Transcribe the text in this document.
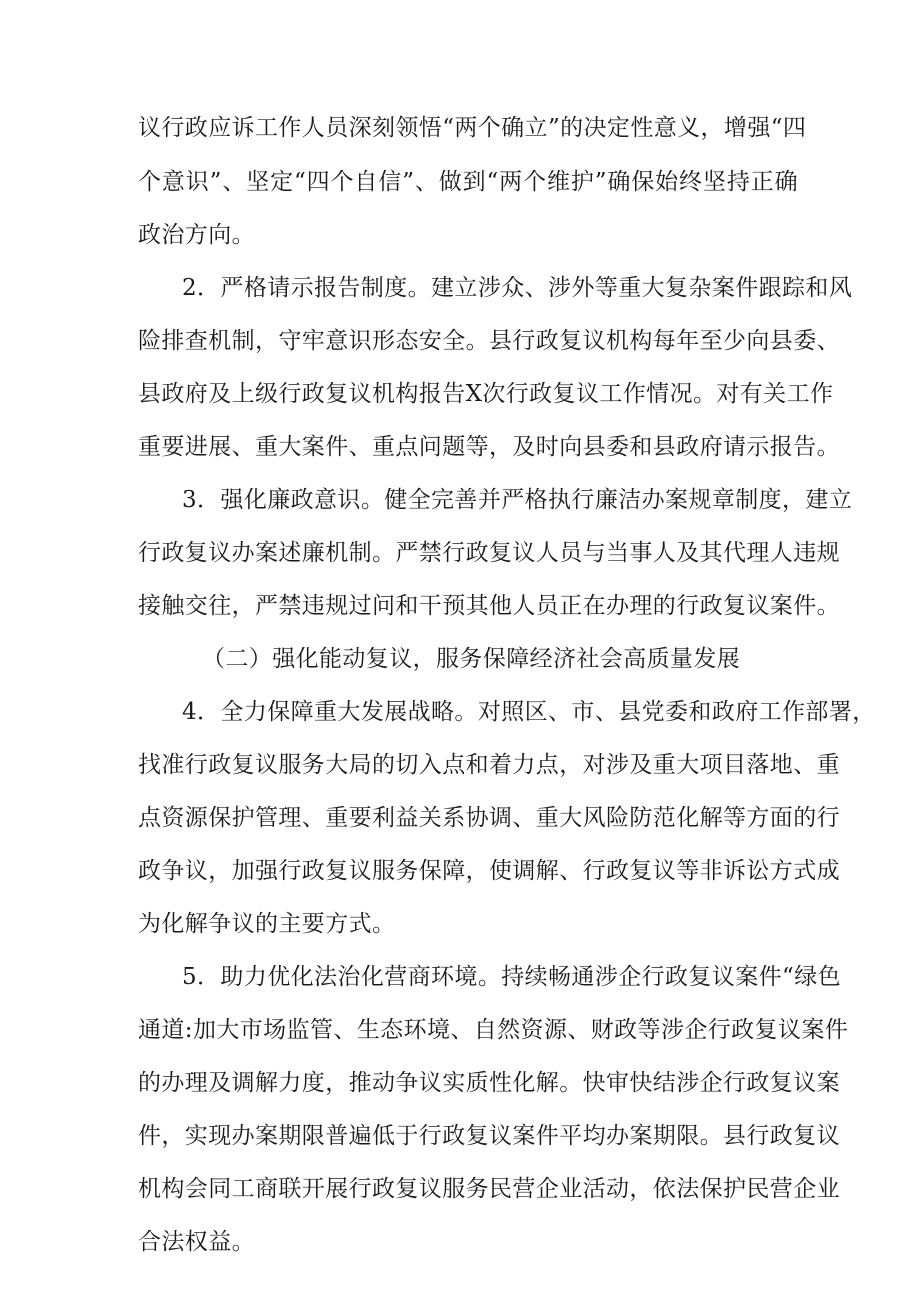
议行政应诉工作人员深刻领悟“两个确立”的决定性意义，增强“四
个意识”、坚定“四个自信”、做到“两个维护”确保始终坚持正确
政治方向。
2．严格请示报告制度。建立涉众、涉外等重大复杂案件跟踪和风
险排查机制，守牢意识形态安全。县行政复议机构每年至少向县委、
县政府及上级行政复议机构报告X次行政复议工作情况。对有关工作
重要进展、重大案件、重点问题等，及时向县委和县政府请示报告。
3．强化廉政意识。健全完善并严格执行廉洁办案规章制度，建立
行政复议办案述廉机制。严禁行政复议人员与当事人及其代理人违规
接触交往，严禁违规过问和干预其他人员正在办理的行政复议案件。
（二）强化能动复议，服务保障经济社会高质量发展
4．全力保障重大发展战略。对照区、市、县党委和政府工作部署，
找准行政复议服务大局的切入点和着力点，对涉及重大项目落地、重
点资源保护管理、重要利益关系协调、重大风险防范化解等方面的行
政争议，加强行政复议服务保障，使调解、行政复议等非诉讼方式成
为化解争议的主要方式。
5．助力优化法治化营商环境。持续畅通涉企行政复议案件“绿色
通道:加大市场监管、生态环境、自然资源、财政等涉企行政复议案件
的办理及调解力度，推动争议实质性化解。快审快结涉企行政复议案
件，实现办案期限普遍低于行政复议案件平均办案期限。县行政复议
机构会同工商联开展行政复议服务民营企业活动，依法保护民营企业
合法权益。
